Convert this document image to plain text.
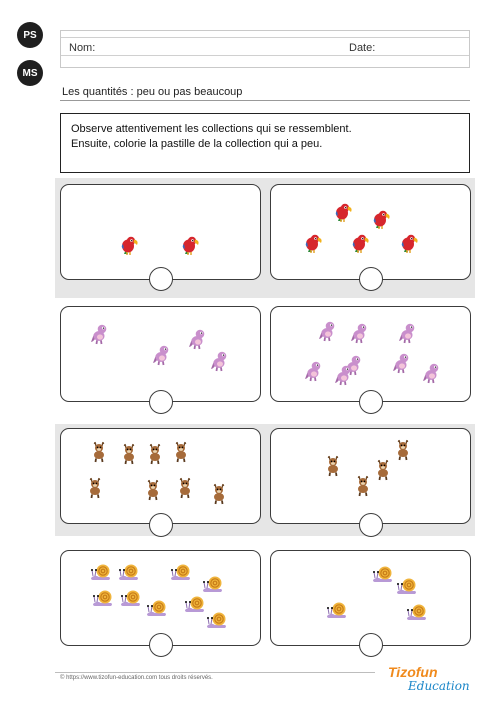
PS
MS
Nom:	Date:
Les quantités : peu ou pas beaucoup
Observe attentivement les collections qui se ressemblent.
Ensuite, colorie la pastille de la collection qui a peu.
© https://www.tizofun-education.com tous droits réservés.	Tizofun
Education
